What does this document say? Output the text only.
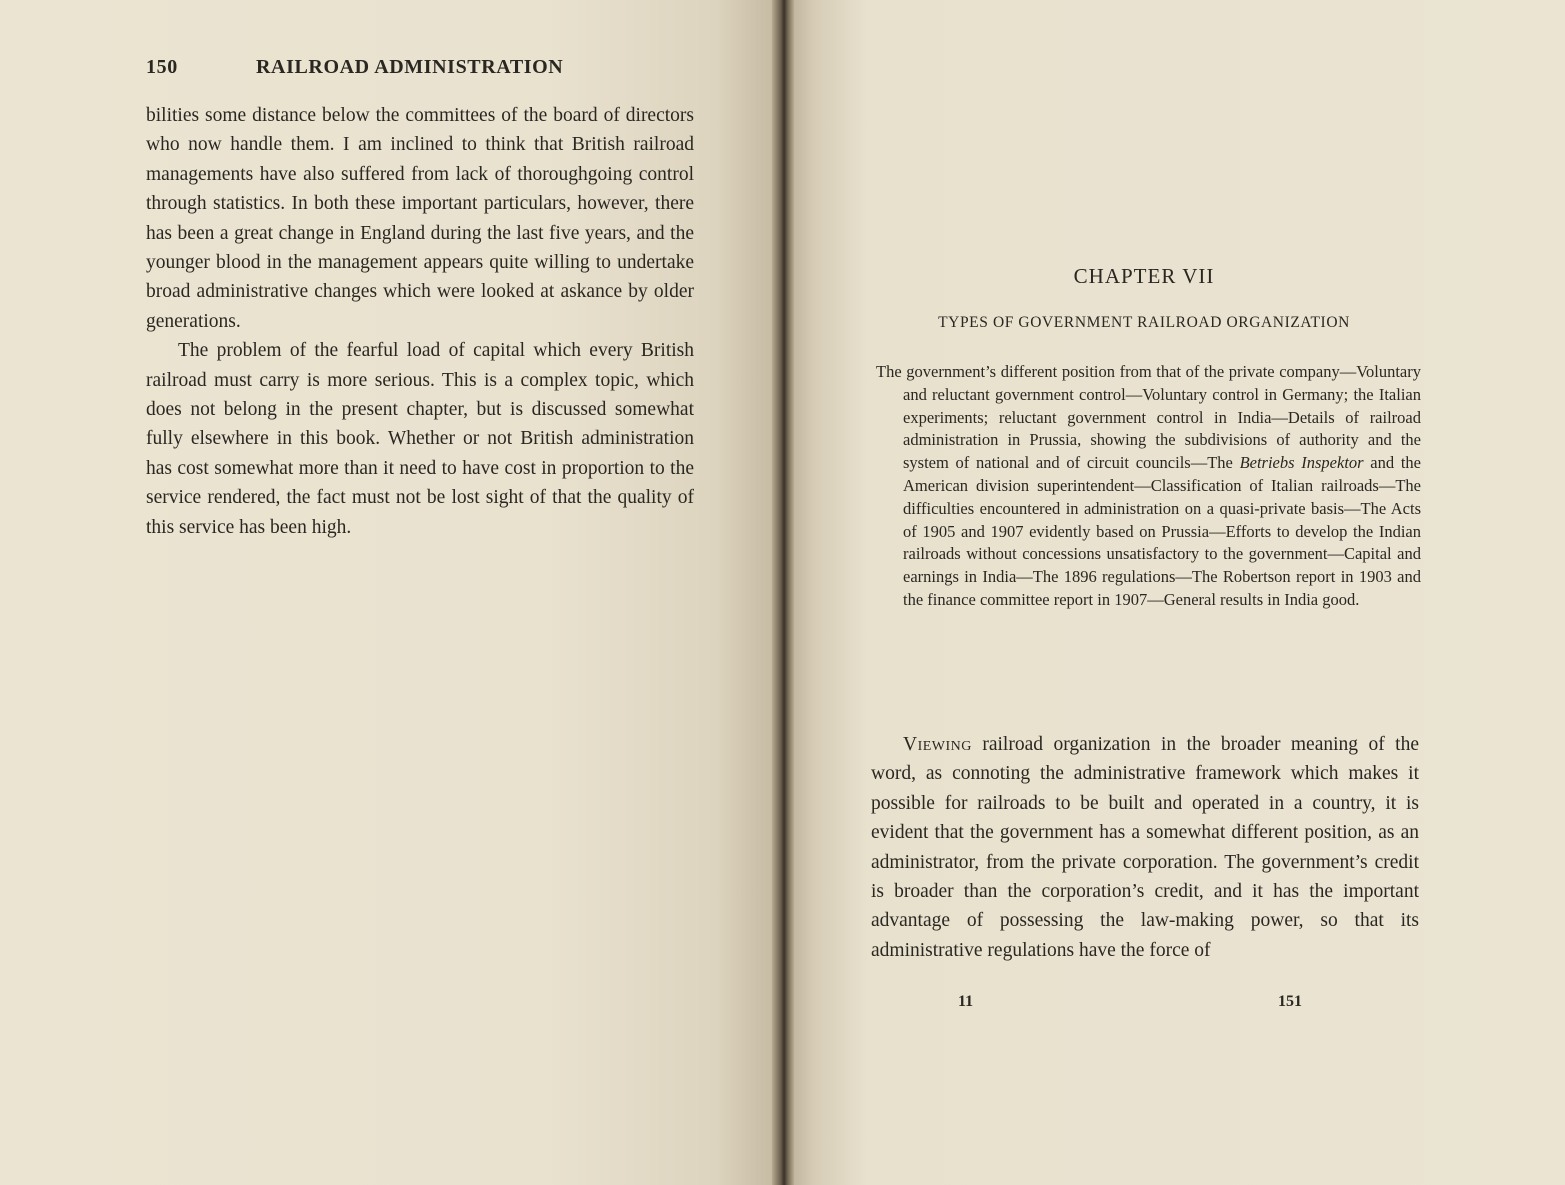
150	RAILROAD ADMINISTRATION

bilities some distance below the committees of the board of directors who now handle them. I am inclined to think that British railroad managements have also suffered from lack of thoroughgoing control through statistics. In both these important particulars, however, there has been a great change in England during the last five years, and the younger blood in the management appears quite willing to undertake broad administrative changes which were looked at askance by older generations.

The problem of the fearful load of capital which every British railroad must carry is more serious. This is a complex topic, which does not belong in the present chapter, but is discussed somewhat fully elsewhere in this book. Whether or not British administration has cost somewhat more than it need to have cost in proportion to the service rendered, the fact must not be lost sight of that the quality of this service has been high.

CHAPTER VII
TYPES OF GOVERNMENT RAILROAD ORGANIZATION
The government’s different position from that of the private company—Voluntary and reluctant government control—Voluntary control in Germany; the Italian experiments; reluctant government control in India—Details of railroad administration in Prussia, showing the subdivisions of authority and the system of national and of circuit councils—The Betriebs Inspektor and the American division superintendent—Classification of Italian railroads—The difficulties encountered in administration on a quasi-private basis—The Acts of 1905 and 1907 evidently based on Prussia—Efforts to develop the Indian railroads without concessions unsatisfactory to the government—Capital and earnings in India—The 1896 regulations—The Robertson report in 1903 and the finance committee report in 1907—General results in India good.

Viewing railroad organization in the broader meaning of the word, as connoting the administrative framework which makes it possible for railroads to be built and operated in a country, it is evident that the government has a somewhat different position, as an administrator, from the private corporation. The government’s credit is broader than the corporation’s credit, and it has the important advantage of possessing the law-making power, so that its administrative regulations have the force of

11	151
